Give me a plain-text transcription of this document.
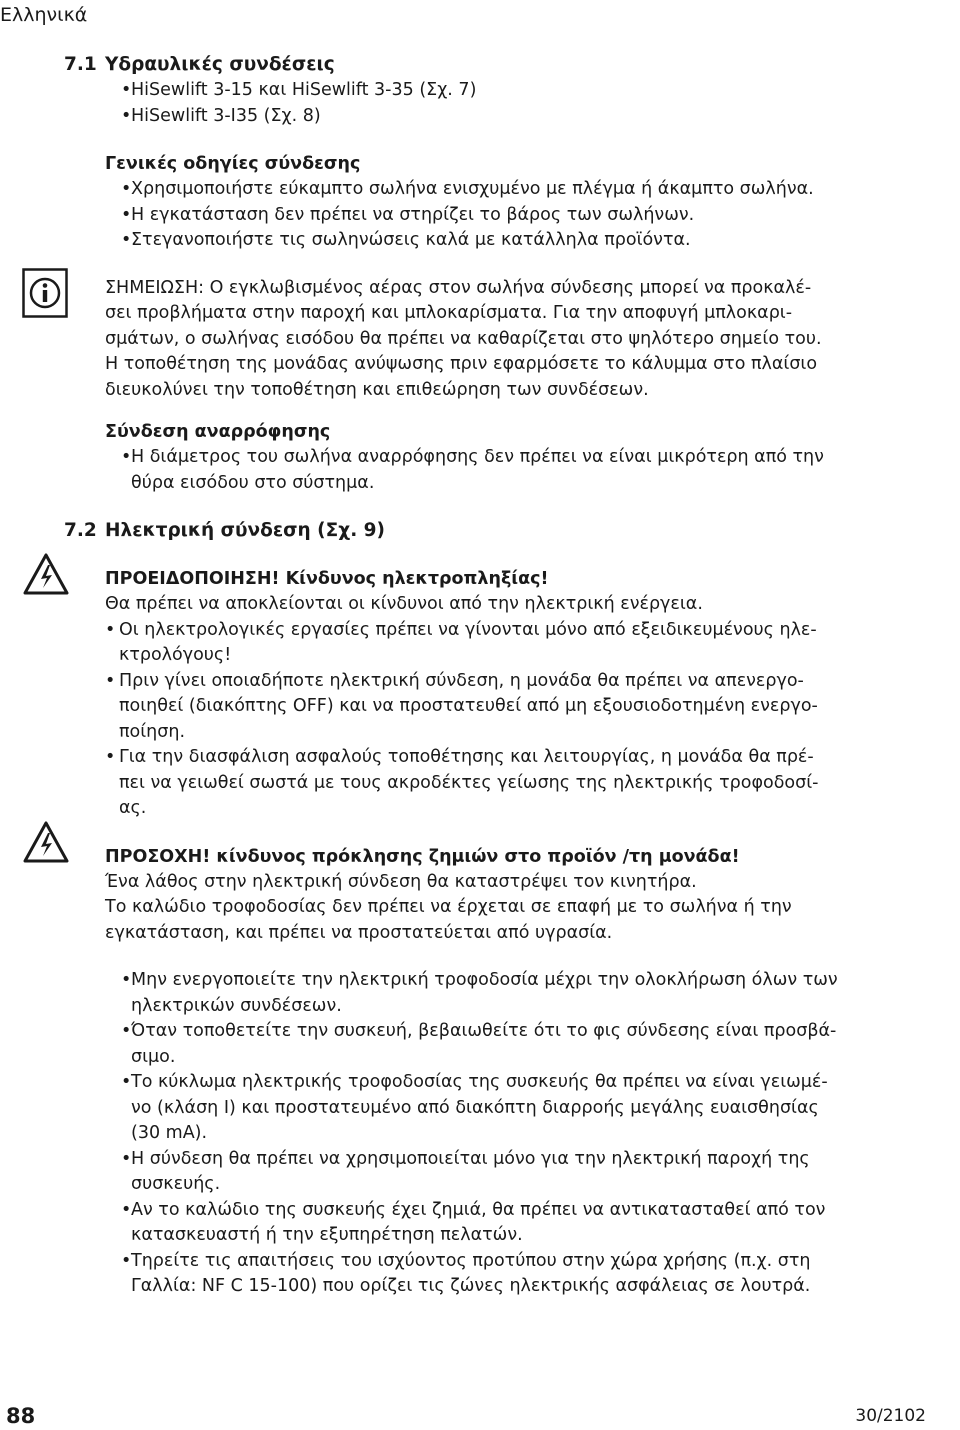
Ελληνικά
7.1 Υδραυλικές συνδέσεις
• HiSewlift 3-15 και HiSewlift 3-35 (Σχ. 7)
• HiSewlift 3-I35 (Σχ. 8)
Γενικές οδηγίες σύνδεσης
• Χρησιμοποιήστε εύκαμπτο σωλήνα ενισχυμένο με πλέγμα ή άκαμπτο σωλήνα.
• Η εγκατάσταση δεν πρέπει να στηρίζει το βάρος των σωλήνων.
• Στεγανοποιήστε τις σωληνώσεις καλά με κατάλληλα προϊόντα.
ΣΗΜΕΙΩΣΗ: Ο εγκλωβισμένος αέρας στον σωλήνα σύνδεσης μπορεί να προκαλέ-
σει προβλήματα στην παροχή και μπλοκαρίσματα. Για την αποφυγή μπλοκαρι-
σμάτων, ο σωλήνας εισόδου θα πρέπει να καθαρίζεται στο ψηλότερο σημείο του.
Η τοποθέτηση της μονάδας ανύψωσης πριν εφαρμόσετε το κάλυμμα στο πλαίσιο
διευκολύνει την τοποθέτηση και επιθεώρηση των συνδέσεων.
Σύνδεση αναρρόφησης
• Η διάμετρος του σωλήνα αναρρόφησης δεν πρέπει να είναι μικρότερη από την
θύρα εισόδου στο σύστημα.
7.2 Ηλεκτρική σύνδεση (Σχ. 9)
ΠΡΟΕΙΔΟΠΟΙΗΣΗ! Κίνδυνος ηλεκτροπληξίας!
Θα πρέπει να αποκλείονται οι κίνδυνοι από την ηλεκτρική ενέργεια.
• Οι ηλεκτρολογικές εργασίες πρέπει να γίνονται μόνο από εξειδικευμένους ηλε-
κτρολόγους!
• Πριν γίνει οποιαδήποτε ηλεκτρική σύνδεση, η μονάδα θα πρέπει να απενεργο-
ποιηθεί (διακόπτης OFF) και να προστατευθεί από μη εξουσιοδοτημένη ενεργο-
ποίηση.
• Για την διασφάλιση ασφαλούς τοποθέτησης και λειτουργίας, η μονάδα θα πρέ-
πει να γειωθεί σωστά με τους ακροδέκτες γείωσης της ηλεκτρικής τροφοδοσί-
ας.
ΠΡΟΣΟΧΗ! κίνδυνος πρόκλησης ζημιών στο προϊόν /τη μονάδα!
Ένα λάθος στην ηλεκτρική σύνδεση θα καταστρέψει τον κινητήρα.
Το καλώδιο τροφοδοσίας δεν πρέπει να έρχεται σε επαφή με το σωλήνα ή την
εγκατάσταση, και πρέπει να προστατεύεται από υγρασία.
• Μην ενεργοποιείτε την ηλεκτρική τροφοδοσία μέχρι την ολοκλήρωση όλων των
ηλεκτρικών συνδέσεων.
• Όταν τοποθετείτε την συσκευή, βεβαιωθείτε ότι το φις σύνδεσης είναι προσβά-
σιμο.
• Το κύκλωμα ηλεκτρικής τροφοδοσίας της συσκευής θα πρέπει να είναι γειωμέ-
νο (κλάση I) και προστατευμένο από διακόπτη διαρροής μεγάλης ευαισθησίας
(30 mA).
• Η σύνδεση θα πρέπει να χρησιμοποιείται μόνο για την ηλεκτρική παροχή της
συσκευής.
• Αν το καλώδιο της συσκευής έχει ζημιά, θα πρέπει να αντικατασταθεί από τον
κατασκευαστή ή την εξυπηρέτηση πελατών.
• Τηρείτε τις απαιτήσεις του ισχύοντος προτύπου στην χώρα χρήσης (π.χ. στη
Γαλλία: NF C 15-100) που ορίζει τις ζώνες ηλεκτρικής ασφάλειας σε λουτρά.
88	30/2102
